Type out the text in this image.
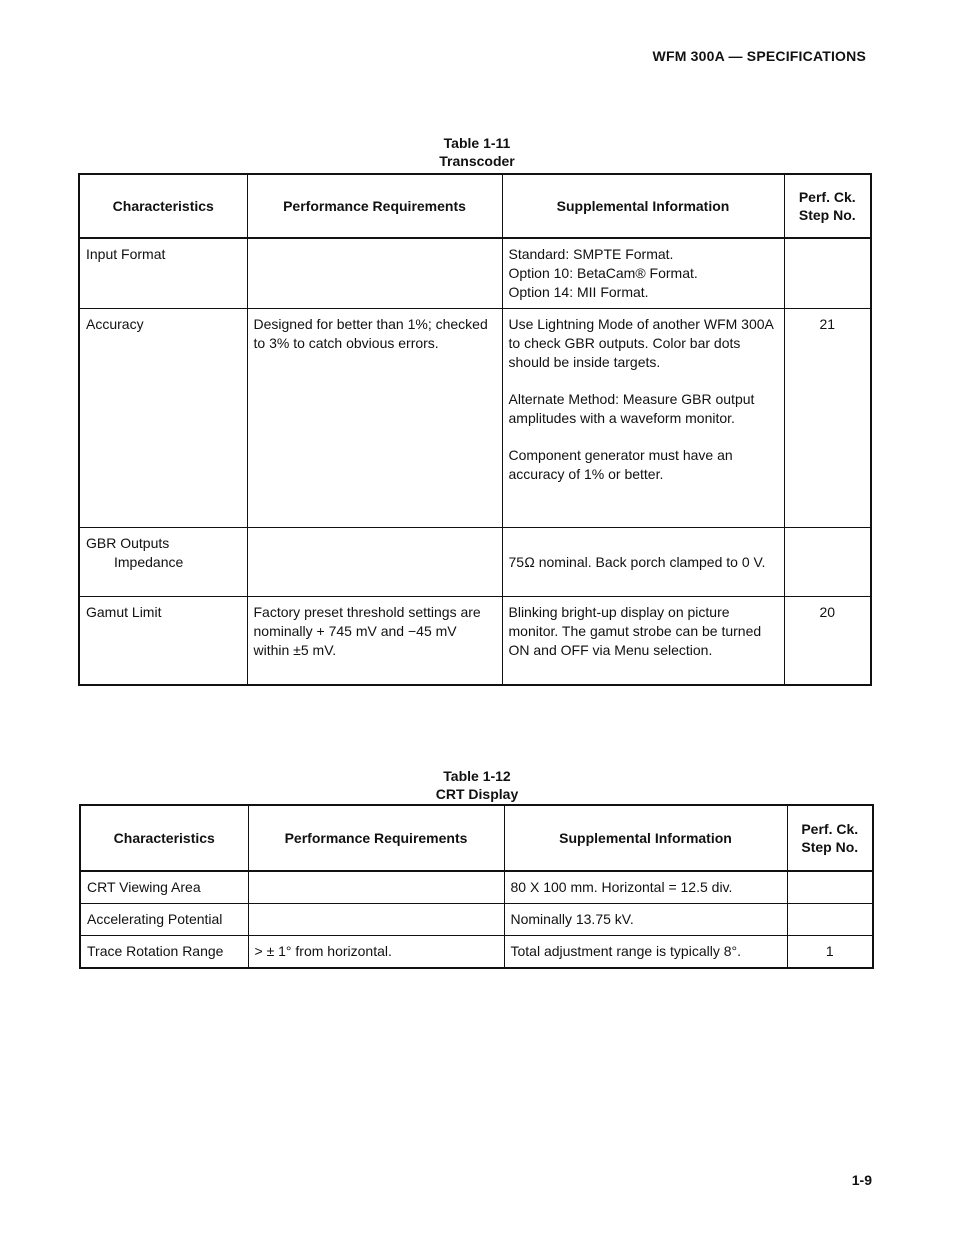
WFM 300A — SPECIFICATIONS
Table 1-11
Transcoder
Characteristics	Performance Requirements	Supplemental Information	Perf. Ck.
Step No.

Input Format		Standard: SMPTE Format.
Option 10: BetaCam® Format.
Option 14: MII Format.	

Accuracy	Designed for better than 1%; checked to 3% to catch obvious errors.	Use Lightning Mode of another WFM 300A to check GBR outputs. Color bar dots should be inside targets.
Alternate Method: Measure GBR output amplitudes with a waveform monitor.
Component generator must have an accuracy of 1% or better.	21

GBR Outputs
Impedance		75Ω nominal. Back porch clamped to 0 V.	
Gamut Limit	Factory preset threshold settings are nominally + 745 mV and −45 mV within ±5 mV.	Blinking bright-up display on picture monitor. The gamut strobe can be turned ON and OFF via Menu selection.	20
Table 1-12
CRT Display
Characteristics	Performance Requirements	Supplemental Information	Perf. Ck.
Step No.

CRT Viewing Area		80 X 100 mm. Horizontal = 12.5 div.	
Accelerating Potential		Nominally 13.75 kV.	
Trace Rotation Range	> ± 1° from horizontal.	Total adjustment range is typically 8°.	1
1-9
